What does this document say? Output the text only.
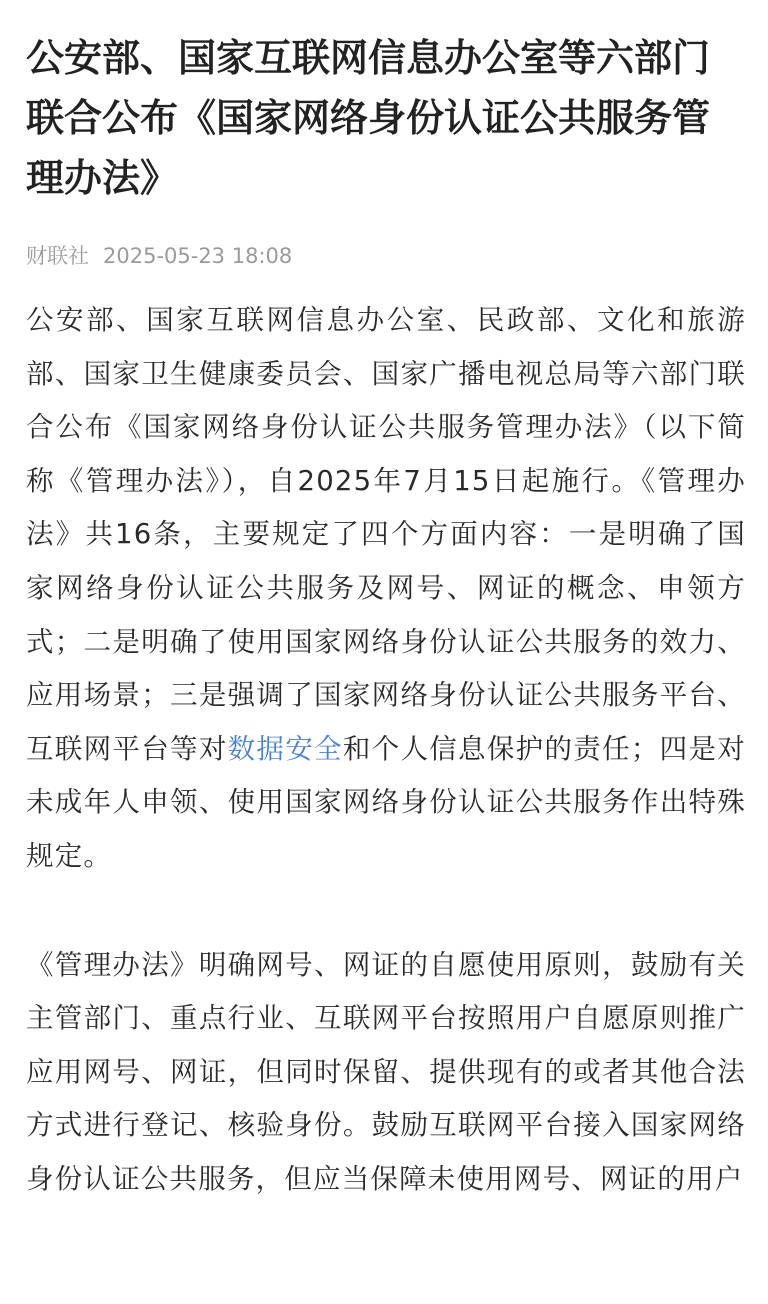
公安部、国家互联网信息办公室等六部门联合公布《国家网络身份认证公共服务管理办法》
财联社 2025-05-23 18:08

公安部、国家互联网信息办公室、民政部、文化和旅游部、国家卫生健康委员会、国家广播电视总局等六部门联合公布《国家网络身份认证公共服务管理办法》（以下简称《管理办法》），自2025年7月15日起施行。《管理办法》共16条，主要规定了四个方面内容：一是明确了国家网络身份认证公共服务及网号、网证的概念、申领方式；二是明确了使用国家网络身份认证公共服务的效力、应用场景；三是强调了国家网络身份认证公共服务平台、互联网平台等对数据安全和个人信息保护的责任；四是对未成年人申领、使用国家网络身份认证公共服务作出特殊规定。

《管理办法》明确网号、网证的自愿使用原则，鼓励有关主管部门、重点行业、互联网平台按照用户自愿原则推广应用网号、网证，但同时保留、提供现有的或者其他合法方式进行登记、核验身份。鼓励互联网平台接入国家网络身份认证公共服务，但应当保障未使用网号、网证的用户
